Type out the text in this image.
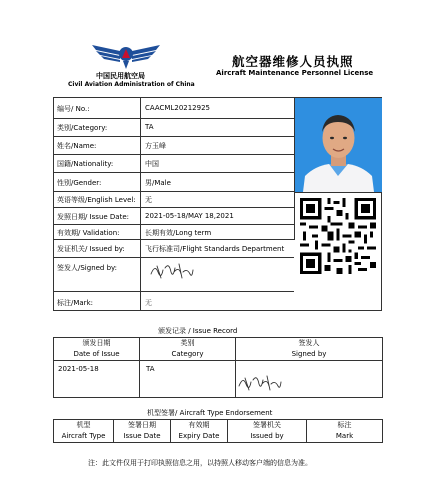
中国民用航空局
Civil Aviation Administration of China
航空器维修人员执照
Aircraft Maintenance Personnel License
编号/ No.:	CAACML20212925
类别/Category:	TA
姓名/Name:	方玉峰
国籍/Nationality:	中国
性别/Gender:	男/Male
英语等级/English Level: 无
发照日期/ Issue Date: 2021-05-18/MAY 18,2021
有效期/ Validation:	长期有效/Long term
发证机关/ Issued by:	飞行标准司/Flight Standards Department
签发人/Signed by:
标注/Mark:	无
颁发记录 / Issue Record
颁发日期	类别	签发人
Date of Issue	Category	Signed by
2021-05-18	TA	
机型签署/ Aircraft Type Endorsement
机型	签署日期	有效期	签署机关	标注
Aircraft Type	Issue Date	Expiry Date	Issued by	Mark
注：此文件仅用于打印执照信息之用，以持照人移动客户端的信息为准。
